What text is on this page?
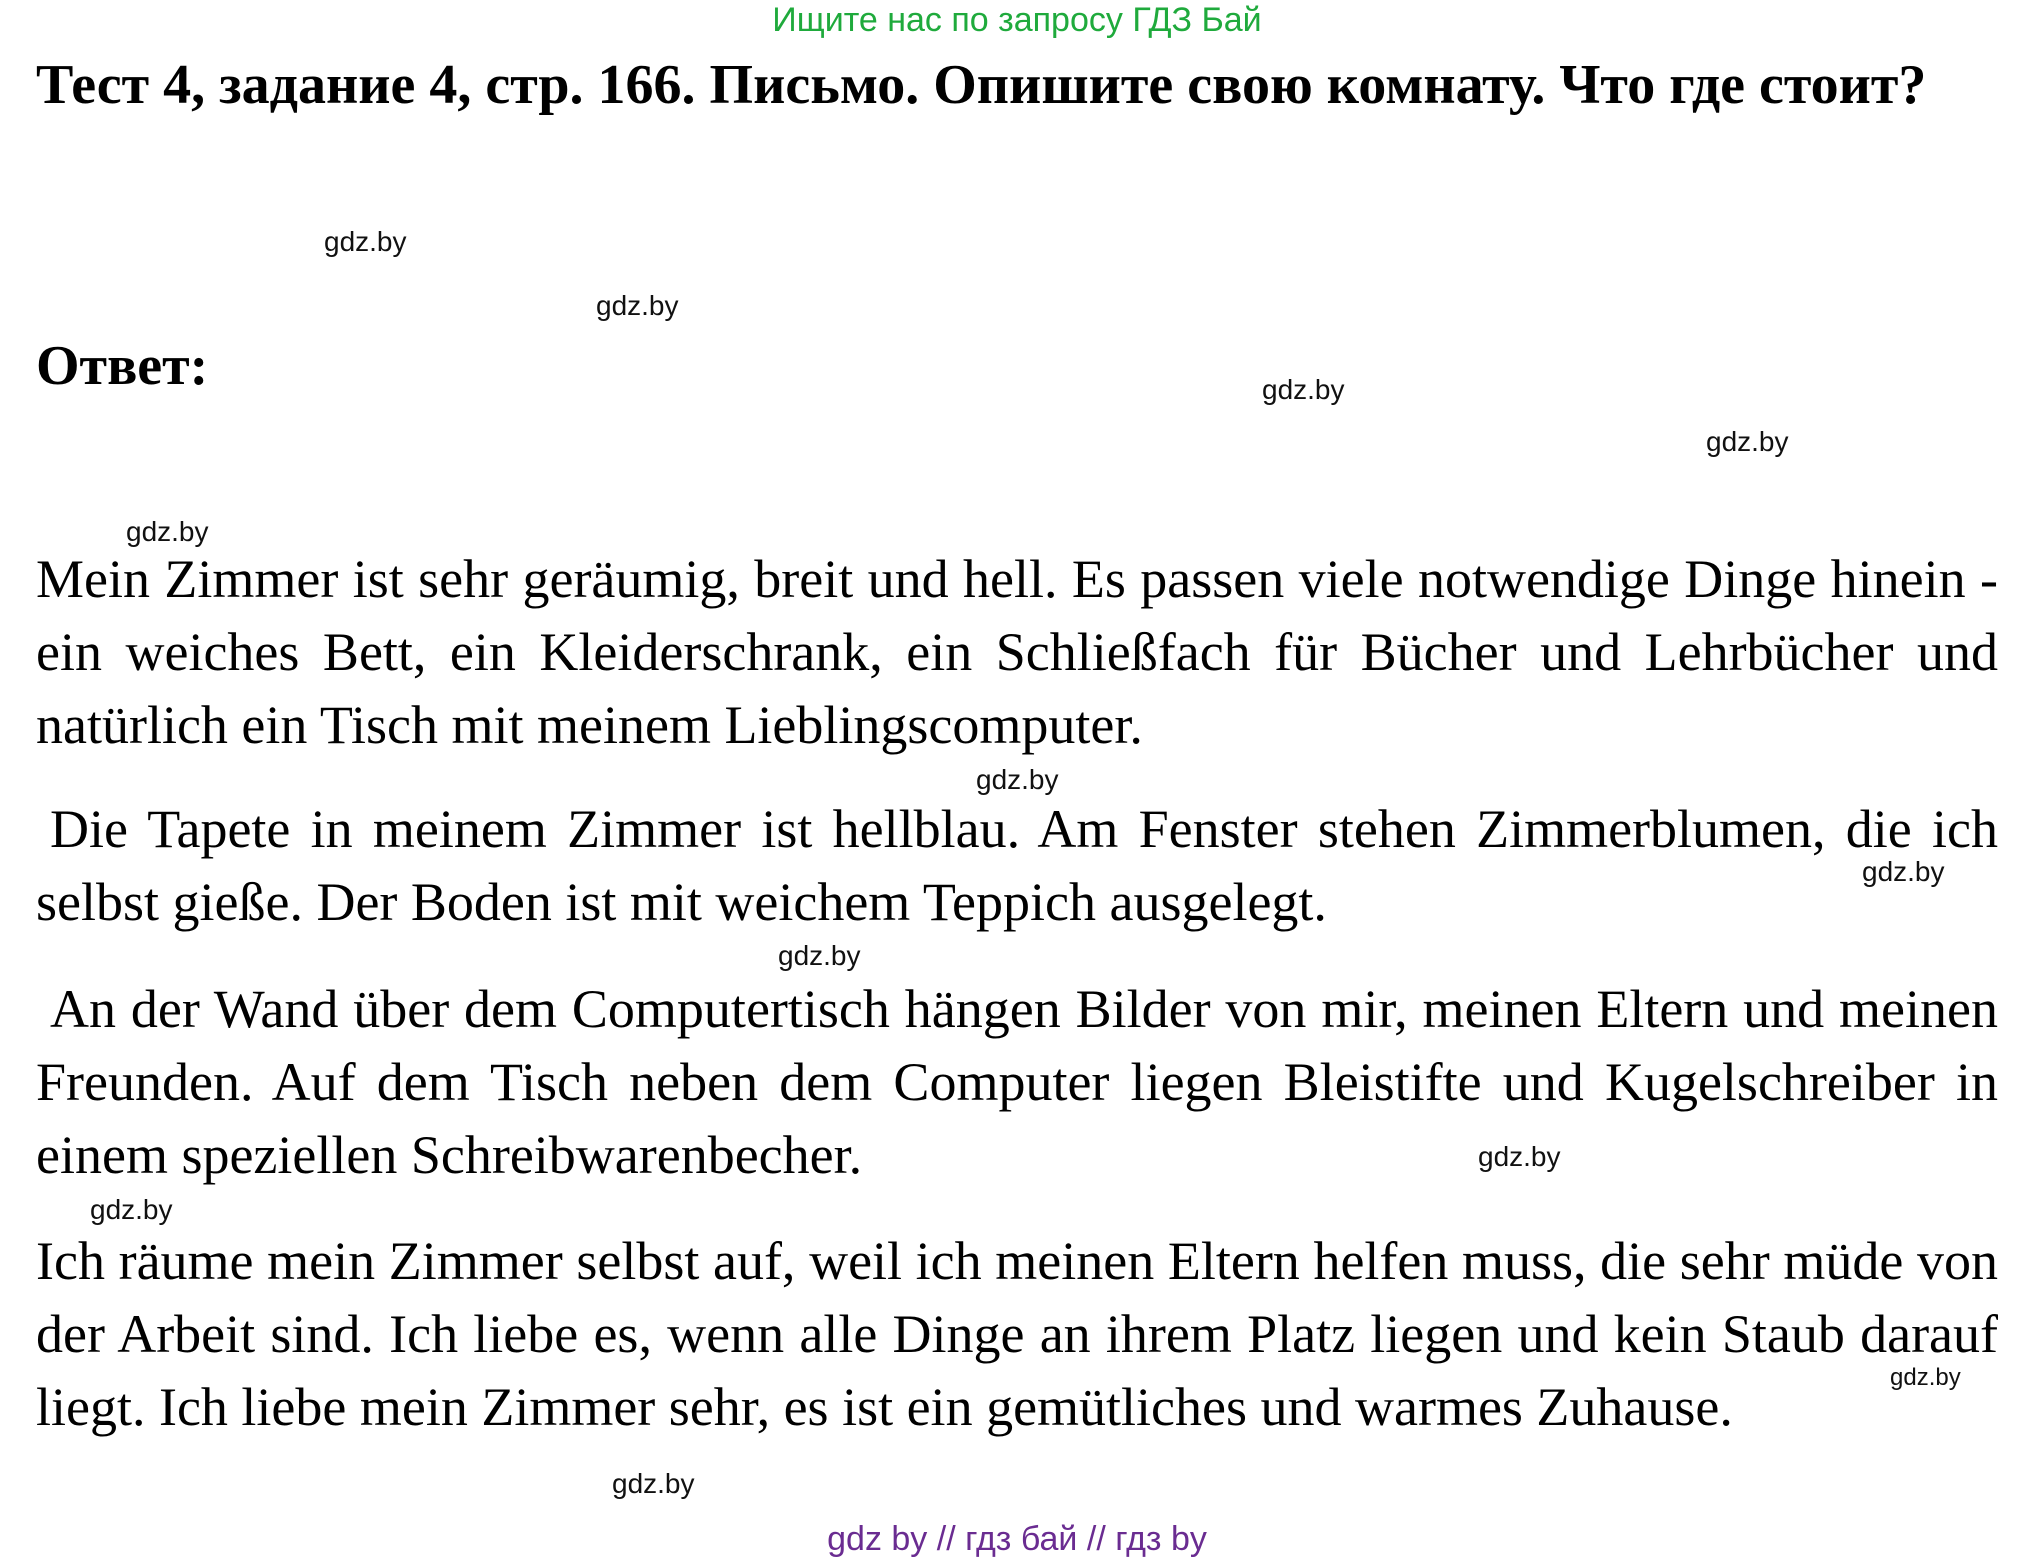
Ищите нас по запросу ГДЗ Бай
Тест 4, задание 4, стр. 166. Письмо. Опишите свою комнату. Что где стоит?
gdz.by
gdz.by
Ответ:	gdz.by
gdz.by
gdz.by

Mein Zimmer ist sehr geräumig, breit und hell. Es passen viele notwendige Dinge hinein - ein weiches Bett, ein Kleiderschrank, ein Schließfach für Bücher und Lehrbücher und natürlich ein Tisch mit meinem Lieblingscomputer.

gdz.by

Die Tapete in meinem Zimmer ist hellblau. Am Fenster stehen Zimmerblumen, die ich selbst gieße. Der Boden ist mit weichem Teppich ausgelegt.

gdz.by
gdz.by

An der Wand über dem Computertisch hängen Bilder von mir, meinen Eltern und meinen Freunden. Auf dem Tisch neben dem Computer liegen Bleistifte und Kugelschreiber in einem speziellen Schreibwarenbecher.	gdz.by
gdz.by

Ich räume mein Zimmer selbst auf, weil ich meinen Eltern helfen muss, die sehr müde von der Arbeit sind. Ich liebe es, wenn alle Dinge an ihrem Platz liegen und kein Staub darauf liegt. Ich liebe mein Zimmer sehr, es ist ein gemütliches und warmes Zuhause.	gdz.by
gdz.by
gdz by // гдз бай // гдз by
